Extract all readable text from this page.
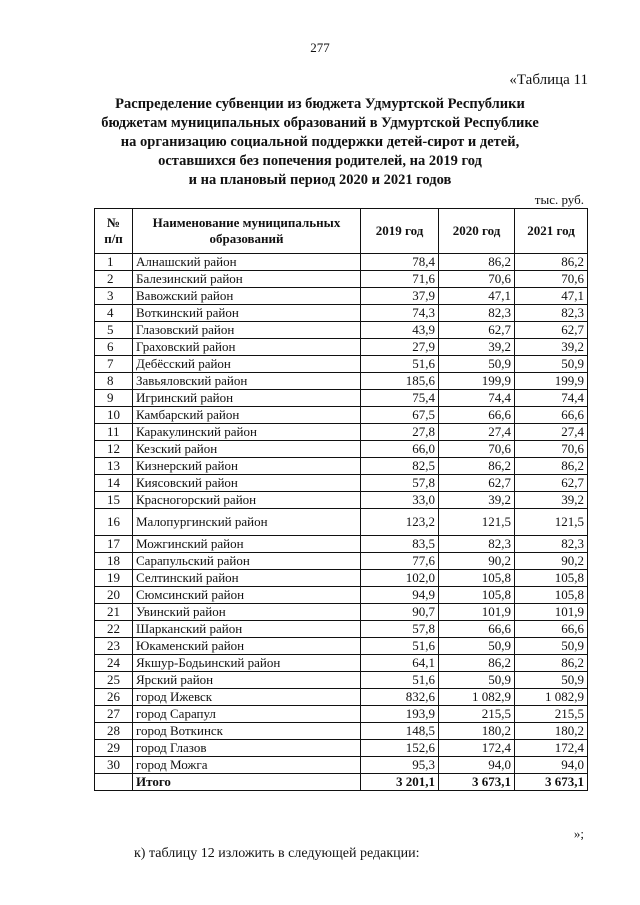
277
«Таблица 11
Распределение субвенции из бюджета Удмуртской Республики
бюджетам муниципальных образований в Удмуртской Республике
на организацию социальной поддержки детей-сирот и детей,
оставшихся без попечения родителей, на 2019 год
и на плановый период 2020 и 2021 годов
тыс. руб.
№
п/п	Наименование муниципальных образований	2019 год	2020 год	2021 год
1	Алнашский район	78,4	86,2	86,2
2	Балезинский район	71,6	70,6	70,6
3	Вавожский район	37,9	47,1	47,1
4	Воткинский район	74,3	82,3	82,3
5	Глазовский район	43,9	62,7	62,7
6	Граховский район	27,9	39,2	39,2
7	Дебёсский район	51,6	50,9	50,9
8	Завьяловский район	185,6	199,9	199,9
9	Игринский район	75,4	74,4	74,4
10	Камбарский район	67,5	66,6	66,6
11	Каракулинский район	27,8	27,4	27,4
12	Кезский район	66,0	70,6	70,6
13	Кизнерский район	82,5	86,2	86,2
14	Киясовский район	57,8	62,7	62,7
15	Красногорский район	33,0	39,2	39,2
16	Малопургинский район	123,2	121,5	121,5
17	Можгинский район	83,5	82,3	82,3
18	Сарапульский район	77,6	90,2	90,2
19	Селтинский район	102,0	105,8	105,8
20	Сюмсинский район	94,9	105,8	105,8
21	Увинский район	90,7	101,9	101,9
22	Шарканский район	57,8	66,6	66,6
23	Юкаменский район	51,6	50,9	50,9
24	Якшур-Бодьинский район	64,1	86,2	86,2
25	Ярский район	51,6	50,9	50,9
26	город Ижевск	832,6	1 082,9	1 082,9
27	город Сарапул	193,9	215,5	215,5
28	город Воткинск	148,5	180,2	180,2
29	город Глазов	152,6	172,4	172,4
30	город Можга	95,3	94,0	94,0
	Итого	3 201,1	3 673,1	3 673,1
»;
к) таблицу 12 изложить в следующей редакции:
